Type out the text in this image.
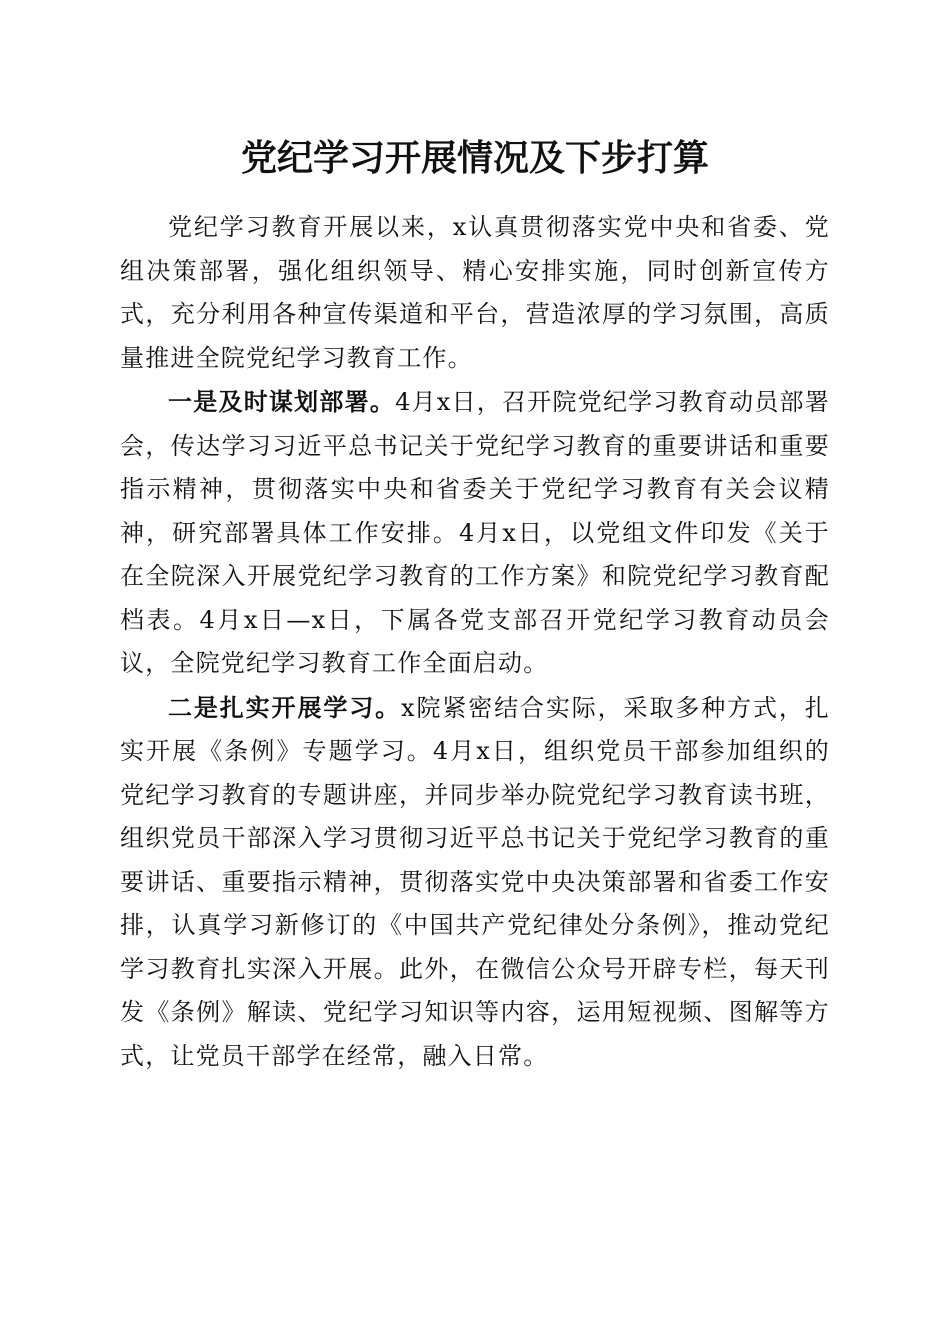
党纪学习开展情况及下步打算

党纪学习教育开展以来，x认真贯彻落实党中央和省委、党组决策部署，强化组织领导、精心安排实施，同时创新宣传方式，充分利用各种宣传渠道和平台，营造浓厚的学习氛围，高质量推进全院党纪学习教育工作。

一是及时谋划部署。4月x日，召开院党纪学习教育动员部署会，传达学习习近平总书记关于党纪学习教育的重要讲话和重要指示精神，贯彻落实中央和省委关于党纪学习教育有关会议精神，研究部署具体工作安排。4月x日，以党组文件印发《关于在全院深入开展党纪学习教育的工作方案》和院党纪学习教育配档表。4月x日—x日，下属各党支部召开党纪学习教育动员会议，全院党纪学习教育工作全面启动。

二是扎实开展学习。x院紧密结合实际，采取多种方式，扎实开展《条例》专题学习。4月x日，组织党员干部参加组织的党纪学习教育的专题讲座，并同步举办院党纪学习教育读书班，组织党员干部深入学习贯彻习近平总书记关于党纪学习教育的重要讲话、重要指示精神，贯彻落实党中央决策部署和省委工作安排，认真学习新修订的《中国共产党纪律处分条例》，推动党纪学习教育扎实深入开展。此外，在微信公众号开辟专栏，每天刊发《条例》解读、党纪学习知识等内容，运用短视频、图解等方式，让党员干部学在经常，融入日常。
